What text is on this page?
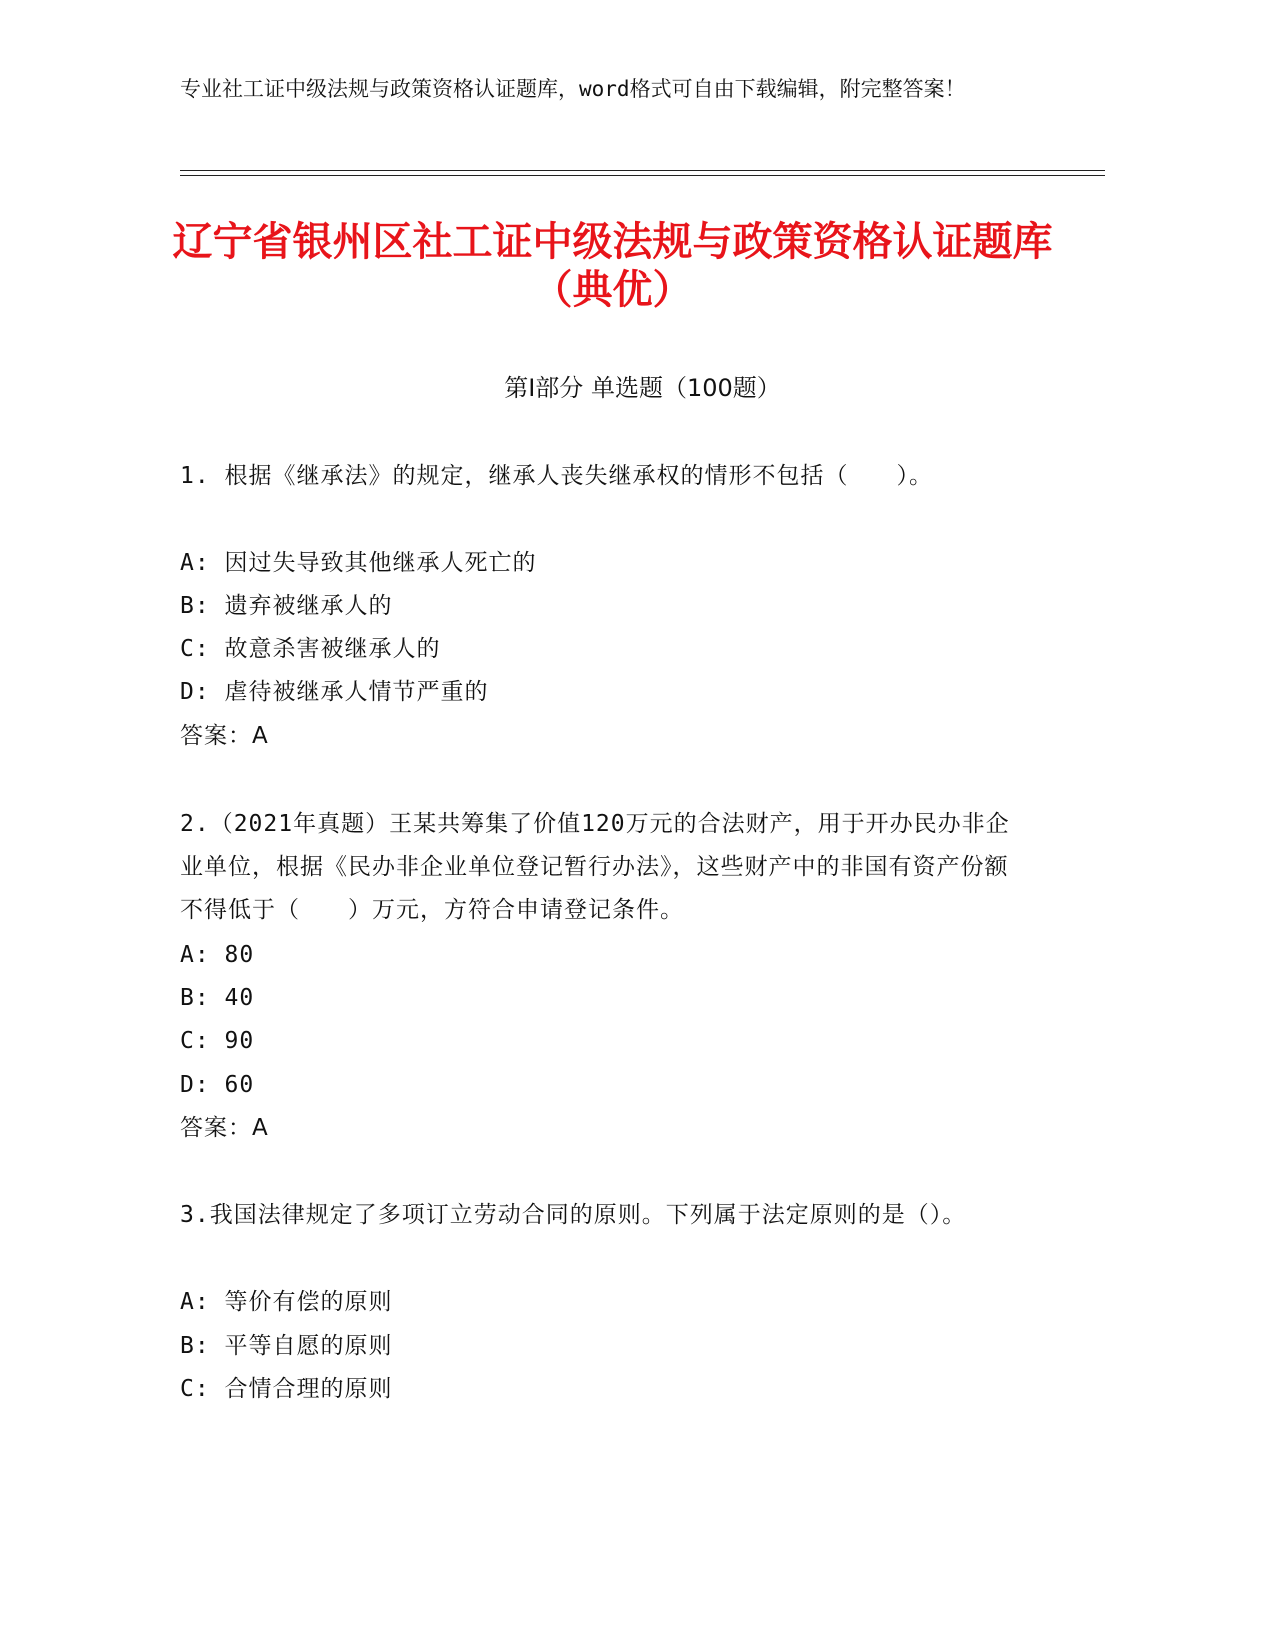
专业社工证中级法规与政策资格认证题库，word格式可自由下载编辑，附完整答案！
辽宁省银州区社工证中级法规与政策资格认证题库（典优）
第Ⅰ部分 单选题（100题）
1. 根据《继承法》的规定，继承人丧失继承权的情形不包括（　　）。
A: 因过失导致其他继承人死亡的
B: 遗弃被继承人的
C: 故意杀害被继承人的
D: 虐待被继承人情节严重的
答案：A
2.（2021年真题）王某共筹集了价值120万元的合法财产，用于开办民办非企业单位，根据《民办非企业单位登记暂行办法》，这些财产中的非国有资产份额不得低于（　　）万元，方符合申请登记条件。
A: 80
B: 40
C: 90
D: 60
答案：A
3.我国法律规定了多项订立劳动合同的原则。下列属于法定原则的是（）。
A: 等价有偿的原则
B: 平等自愿的原则
C: 合情合理的原则
